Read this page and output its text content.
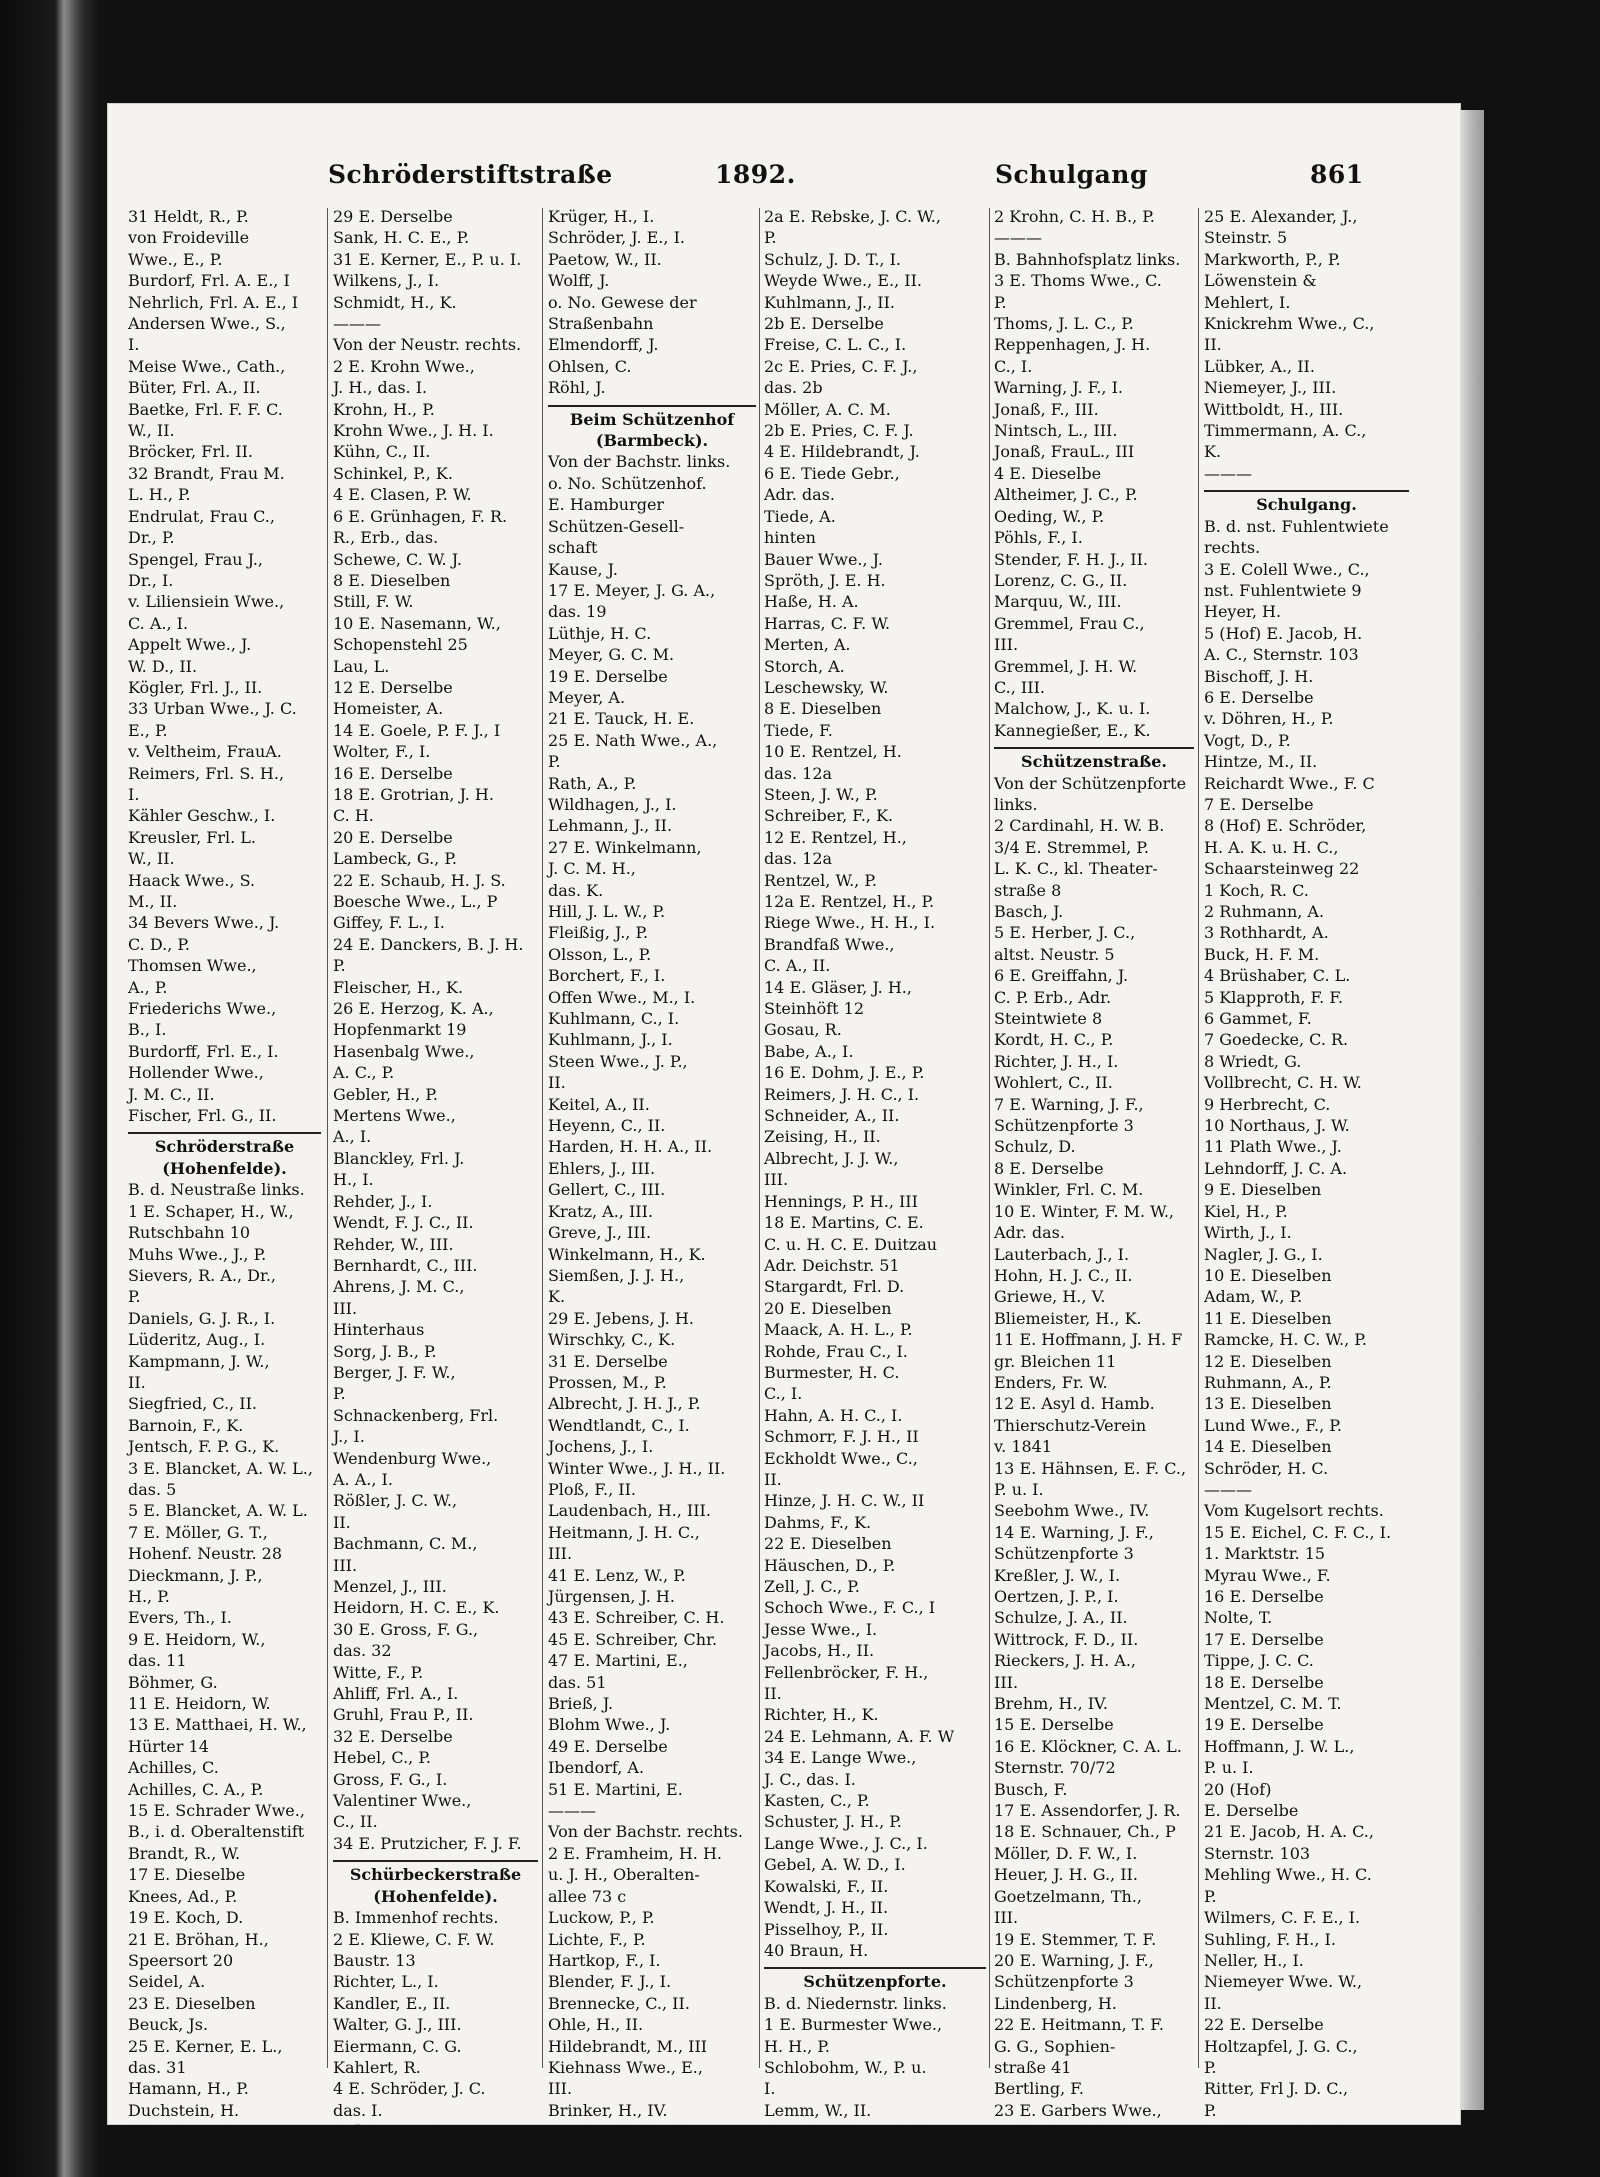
Schröderstiftstraße	1892.	Schulgang	861
31 Heldt, R., P.
von Froideville
Wwe., E., P.
Burdorf, Frl. A. E., I
Nehrlich, Frl. A. E., I
Andersen Wwe., S.,
I.
Meise Wwe., Cath.,
Büter, Frl. A., II.
Baetke, Frl. F. F. C.
W., II.
Bröcker, Frl. II.
32 Brandt, Frau M.
L. H., P.
Endrulat, Frau C.,
Dr., P.
Spengel, Frau J.,
Dr., I.
v. Liliensiein Wwe.,
C. A., I.
Appelt Wwe., J.
W. D., II.
Kögler, Frl. J., II.
33 Urban Wwe., J. C.
E., P.
v. Veltheim, FrauA.
Reimers, Frl. S. H.,
I.
Kähler Geschw., I.
Kreusler, Frl. L.
W., II.
Haack Wwe., S.
M., II.
34 Bevers Wwe., J.
C. D., P.
Thomsen Wwe.,
A., P.
Friederichs Wwe.,
B., I.
Burdorff, Frl. E., I.
Hollender Wwe.,
J. M. C., II.
Fischer, Frl. G., II.
Schröderstraße
(Hohenfelde).
B. d. Neustraße links.
1 E. Schaper, H., W.,
Rutschbahn 10
Muhs Wwe., J., P.
Sievers, R. A., Dr.,
P.
Daniels, G. J. R., I.
Lüderitz, Aug., I.
Kampmann, J. W.,
II.
Siegfried, C., II.
Barnoin, F., K.
Jentsch, F. P. G., K.
3 E. Blancket, A. W. L.,
das. 5
5 E. Blancket, A. W. L.
7 E. Möller, G. T.,
Hohenf. Neustr. 28
Dieckmann, J. P.,
H., P.
Evers, Th., I.
9 E. Heidorn, W.,
das. 11
Böhmer, G.
11 E. Heidorn, W.
13 E. Matthaei, H. W.,
Hürter 14
Achilles, C.
Achilles, C. A., P.
15 E. Schrader Wwe.,
B., i. d. Oberaltenstift
Brandt, R., W.
17 E. Dieselbe
Knees, Ad., P.
19 E. Koch, D.
21 E. Bröhan, H.,
Speersort 20
Seidel, A.
23 E. Dieselben
Beuck, Js.
25 E. Kerner, E. L.,
das. 31
Hamann, H., P.
Duchstein, H.
27 E. Derselbe
Gehrkens, W., P. u. I.
29 E. Derselbe
Sank, H. C. E., P.
31 E. Kerner, E., P. u. I.
Wilkens, J., I.
Schmidt, H., K.
———
Von der Neustr. rechts.
2 E. Krohn Wwe.,
J. H., das. I.
Krohn, H., P.
Krohn Wwe., J. H. I.
Kühn, C., II.
Schinkel, P., K.
4 E. Clasen, P. W.
6 E. Grünhagen, F. R.
R., Erb., das.
Schewe, C. W. J.
8 E. Dieselben
Still, F. W.
10 E. Nasemann, W.,
Schopenstehl 25
Lau, L.
12 E. Derselbe
Homeister, A.
14 E. Goele, P. F. J., I
Wolter, F., I.
16 E. Derselbe
18 E. Grotrian, J. H.
C. H.
20 E. Derselbe
Lambeck, G., P.
22 E. Schaub, H. J. S.
Boesche Wwe., L., P
Giffey, F. L., I.
24 E. Danckers, B. J. H.
P.
Fleischer, H., K.
26 E. Herzog, K. A.,
Hopfenmarkt 19
Hasenbalg Wwe.,
A. C., P.
Gebler, H., P.
Mertens Wwe.,
A., I.
Blanckley, Frl. J.
H., I.
Rehder, J., I.
Wendt, F. J. C., II.
Rehder, W., III.
Bernhardt, C., III.
Ahrens, J. M. C.,
III.
Hinterhaus
Sorg, J. B., P.
Berger, J. F. W.,
P.
Schnackenberg, Frl.
J., I.
Wendenburg Wwe.,
A. A., I.
Rößler, J. C. W.,
II.
Bachmann, C. M.,
III.
Menzel, J., III.
Heidorn, H. C. E., K.
30 E. Gross, F. G.,
das. 32
Witte, F., P.
Ahliff, Frl. A., I.
Gruhl, Frau P., II.
32 E. Derselbe
Hebel, C., P.
Gross, F. G., I.
Valentiner Wwe.,
C., II.
34 E. Prutzicher, F. J. F.
Schürbeckerstraße
(Hohenfelde).
B. Immenhof rechts.
2 E. Kliewe, C. F. W.
Baustr. 13
Richter, L., I.
Kandler, E., II.
Walter, G. J., III.
Eiermann, C. G.
Kahlert, R.
4 E. Schröder, J. C.
das. I.
Krönke, E., P.
Brandt, P. D., P.
Krüger, H., I.
Schröder, J. E., I.
Paetow, W., II.
Wolff, J.
o. No. Gewese der
Straßenbahn
Elmendorff, J.
Ohlsen, C.
Röhl, J.
Beim Schützenhof
(Barmbeck).
Von der Bachstr. links.
o. No. Schützenhof.
E. Hamburger
Schützen-Gesell-
schaft
Kause, J.
17 E. Meyer, J. G. A.,
das. 19
Lüthje, H. C.
Meyer, G. C. M.
19 E. Derselbe
Meyer, A.
21 E. Tauck, H. E.
25 E. Nath Wwe., A.,
P.
Rath, A., P.
Wildhagen, J., I.
Lehmann, J., II.
27 E. Winkelmann,
J. C. M. H.,
das. K.
Hill, J. L. W., P.
Fleißig, J., P.
Olsson, L., P.
Borchert, F., I.
Offen Wwe., M., I.
Kuhlmann, C., I.
Kuhlmann, J., I.
Steen Wwe., J. P.,
II.
Keitel, A., II.
Heyenn, C., II.
Harden, H. H. A., II.
Ehlers, J., III.
Gellert, C., III.
Kratz, A., III.
Greve, J., III.
Winkelmann, H., K.
Siemßen, J. J. H.,
K.
29 E. Jebens, J. H.
Wirschky, C., K.
31 E. Derselbe
Prossen, M., P.
Albrecht, J. H. J., P.
Wendtlandt, C., I.
Jochens, J., I.
Winter Wwe., J. H., II.
Ploß, F., II.
Laudenbach, H., III.
Heitmann, J. H. C.,
III.
41 E. Lenz, W., P.
Jürgensen, J. H.
43 E. Schreiber, C. H.
45 E. Schreiber, Chr.
47 E. Martini, E.,
das. 51
Brieß, J.
Blohm Wwe., J.
49 E. Derselbe
Ibendorf, A.
51 E. Martini, E.
———
Von der Bachstr. rechts.
2 E. Framheim, H. H.
u. J. H., Oberalten-
allee 73 c
Luckow, P., P.
Lichte, F., P.
Hartkop, F., I.
Blender, F. J., I.
Brennecke, C., II.
Ohle, H., II.
Hildebrandt, M., III
Kiehnass Wwe., E.,
III.
Brinker, H., IV.
Meldau, H. C., IV.
2a E. Rebske, J. C. W.,
P.
Schulz, J. D. T., I.
Weyde Wwe., E., II.
Kuhlmann, J., II.
2b E. Derselbe
Freise, C. L. C., I.
2c E. Pries, C. F. J.,
das. 2b
Möller, A. C. M.
2b E. Pries, C. F. J.
4 E. Hildebrandt, J.
6 E. Tiede Gebr.,
Adr. das.
Tiede, A.
hinten
Bauer Wwe., J.
Spröth, J. E. H.
Haße, H. A.
Harras, C. F. W.
Merten, A.
Storch, A.
Leschewsky, W.
8 E. Dieselben
Tiede, F.
10 E. Rentzel, H.
das. 12a
Steen, J. W., P.
Schreiber, F., K.
12 E. Rentzel, H.,
das. 12a
Rentzel, W., P.
12a E. Rentzel, H., P.
Riege Wwe., H. H., I.
Brandfaß Wwe.,
C. A., II.
14 E. Gläser, J. H.,
Steinhöft 12
Gosau, R.
Babe, A., I.
16 E. Dohm, J. E., P.
Reimers, J. H. C., I.
Schneider, A., II.
Zeising, H., II.
Albrecht, J. J. W.,
III.
Hennings, P. H., III
18 E. Martins, C. E.
C. u. H. C. E. Duitzau
Adr. Deichstr. 51
Stargardt, Frl. D.
20 E. Dieselben
Maack, A. H. L., P.
Rohde, Frau C., I.
Burmester, H. C.
C., I.
Hahn, A. H. C., I.
Schmorr, F. J. H., II
Eckholdt Wwe., C.,
II.
Hinze, J. H. C. W., II
Dahms, F., K.
22 E. Dieselben
Häuschen, D., P.
Zell, J. C., P.
Schoch Wwe., F. C., I
Jesse Wwe., I.
Jacobs, H., II.
Fellenbröcker, F. H.,
II.
Richter, H., K.
24 E. Lehmann, A. F. W
34 E. Lange Wwe.,
J. C., das. I.
Kasten, C., P.
Schuster, J. H., P.
Lange Wwe., J. C., I.
Gebel, A. W. D., I.
Kowalski, F., II.
Wendt, J. H., II.
Pisselhoy, P., II.
40 Braun, H.
Schützenpforte.
B. d. Niedernstr. links.
1 E. Burmester Wwe.,
H. H., P.
Schlobohm, W., P. u.
I.
Lemm, W., II.
Strecker Wwe., J., II
Gödel Wwe., A., III
2 Krohn, C. H. B., P.
———
B. Bahnhofsplatz links.
3 E. Thoms Wwe., C.
P.
Thoms, J. L. C., P.
Reppenhagen, J. H.
C., I.
Warning, J. F., I.
Jonaß, F., III.
Nintsch, L., III.
Jonaß, FrauL., III
4 E. Dieselbe
Altheimer, J. C., P.
Oeding, W., P.
Pöhls, F., I.
Stender, F. H. J., II.
Lorenz, C. G., II.
Marquu, W., III.
Gremmel, Frau C.,
III.
Gremmel, J. H. W.
C., III.
Malchow, J., K. u. I.
Kannegießer, E., K.
Schützenstraße.
Von der Schützenpforte
links.
2 Cardinahl, H. W. B.
3/4 E. Stremmel, P.
L. K. C., kl. Theater-
straße 8
Basch, J.
5 E. Herber, J. C.,
altst. Neustr. 5
6 E. Greiffahn, J.
C. P. Erb., Adr.
Steintwiete 8
Kordt, H. C., P.
Richter, J. H., I.
Wohlert, C., II.
7 E. Warning, J. F.,
Schützenpforte 3
Schulz, D.
8 E. Derselbe
Winkler, Frl. C. M.
10 E. Winter, F. M. W.,
Adr. das.
Lauterbach, J., I.
Hohn, H. J. C., II.
Griewe, H., V.
Bliemeister, H., K.
11 E. Hoffmann, J. H. F
gr. Bleichen 11
Enders, Fr. W.
12 E. Asyl d. Hamb.
Thierschutz-Verein
v. 1841
13 E. Hähnsen, E. F. C.,
P. u. I.
Seebohm Wwe., IV.
14 E. Warning, J. F.,
Schützenpforte 3
Kreßler, J. W., I.
Oertzen, J. P., I.
Schulze, J. A., II.
Wittrock, F. D., II.
Rieckers, J. H. A.,
III.
Brehm, H., IV.
15 E. Derselbe
16 E. Klöckner, C. A. L.
Sternstr. 70/72
Busch, F.
17 E. Assendorfer, J. R.
18 E. Schnauer, Ch., P
Möller, D. F. W., I.
Heuer, J. H. G., II.
Goetzelmann, Th.,
III.
19 E. Stemmer, T. F.
20 E. Warning, J. F.,
Schützenpforte 3
Lindenberg, H.
22 E. Heitmann, T. F.
G. G., Sophien-
straße 41
Bertling, F.
23 E. Garbers Wwe.,
u. Kinder, Adr. das.
Garbers, P. H. C.
25 E. Alexander, J.,
Steinstr. 5
Markworth, P., P.
Löwenstein &
Mehlert, I.
Knickrehm Wwe., C.,
II.
Lübker, A., II.
Niemeyer, J., III.
Wittboldt, H., III.
Timmermann, A. C.,
K.
———
Schulgang.
B. d. nst. Fuhlentwiete
rechts.
3 E. Colell Wwe., C.,
nst. Fuhlentwiete 9
Heyer, H.
5 (Hof) E. Jacob, H.
A. C., Sternstr. 103
Bischoff, J. H.
6 E. Derselbe
v. Döhren, H., P.
Vogt, D., P.
Hintze, M., II.
Reichardt Wwe., F. C
7 E. Derselbe
8 (Hof) E. Schröder,
H. A. K. u. H. C.,
Schaarsteinweg 22
1 Koch, R. C.
2 Ruhmann, A.
3 Rothhardt, A.
Buck, H. F. M.
4 Brüshaber, C. L.
5 Klapproth, F. F.
6 Gammet, F.
7 Goedecke, C. R.
8 Wriedt, G.
Vollbrecht, C. H. W.
9 Herbrecht, C.
10 Northaus, J. W.
11 Plath Wwe., J.
Lehndorff, J. C. A.
9 E. Dieselben
Kiel, H., P.
Wirth, J., I.
Nagler, J. G., I.
10 E. Dieselben
Adam, W., P.
11 E. Dieselben
Ramcke, H. C. W., P.
12 E. Dieselben
Ruhmann, A., P.
13 E. Dieselben
Lund Wwe., F., P.
14 E. Dieselben
Schröder, H. C.
———
Vom Kugelsort rechts.
15 E. Eichel, C. F. C., I.
1. Marktstr. 15
Myrau Wwe., F.
16 E. Derselbe
Nolte, T.
17 E. Derselbe
Tippe, J. C. C.
18 E. Derselbe
Mentzel, C. M. T.
19 E. Derselbe
Hoffmann, J. W. L.,
P. u. I.
20 (Hof)
E. Derselbe
21 E. Jacob, H. A. C.,
Sternstr. 103
Mehling Wwe., H. C.
P.
Wilmers, C. F. E., I.
Suhling, F. H., I.
Neller, H., I.
Niemeyer Wwe. W.,
II.
22 E. Derselbe
Holtzapfel, J. G. C.,
P.
Ritter, Frl J. D. C.,
P.
Wallbaum, J. C. M.,
I.
